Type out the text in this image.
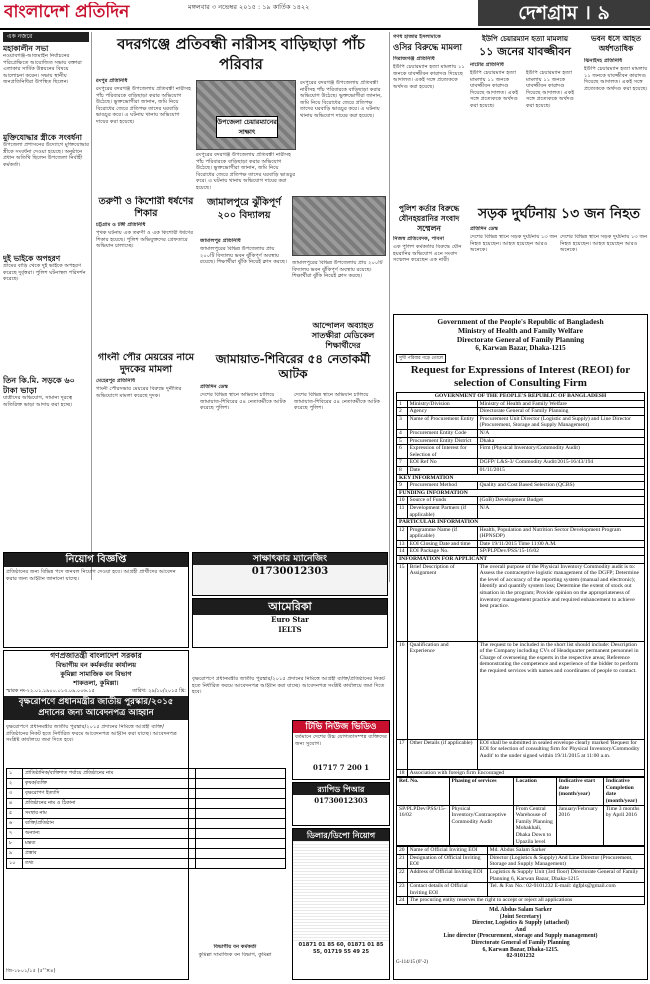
বাংলাদেশ প্রতিদিন	মঙ্গলবার ৩ নভেম্বর ২০১৫ : ১৯ কার্তিক ১৪২২	দেশগ্রাম । ৯
এক নজরে
মহাকালীন সভা
নওয়াবগঞ্জ-আজমাইন নির্বাচনের পরিপ্রেক্ষিতে আয়োজিত সভায় বক্তারা এলাকার সার্বিক উন্নয়নের বিষয়ে আলোচনা করেন। সভায় স্থানীয় জনপ্রতিনিধিরা উপস্থিত ছিলেন।
মুক্তিযোদ্ধার স্ত্রীকে সংবর্ধনা
উপজেলা প্রশাসনের উদ্যোগে মুক্তিযোদ্ধার স্ত্রীকে সংবর্ধনা দেওয়া হয়েছে। অনুষ্ঠানে প্রধান অতিথি ছিলেন উপজেলা নির্বাহী কর্মকর্তা।
দুই ভাইকে অপহরণ
গ্রামের বাড়ি থেকে দুই ভাইকে অপহরণ করেছে দুর্বৃত্তরা। পুলিশ ঘটনাস্থল পরিদর্শন করেছে।
তিন কি.মি. সড়কে ৬০ টাকা ভাড়া
যাত্রীদের অভিযোগ, সামান্য দূরত্বে অতিরিক্ত ভাড়া আদায় করা হচ্ছে।
বদরগঞ্জে প্রতিবন্ধী নারীসহ বাড়িছাড়া পাঁচ পরিবার
রংপুর প্রতিনিধি
রংপুরের বদরগঞ্জ উপজেলায় প্রতিবন্ধী নারীসহ পাঁচ পরিবারকে বাড়িছাড়া করার অভিযোগ উঠেছে। ভুক্তভোগীরা জানান, জমি নিয়ে বিরোধের জেরে প্রতিপক্ষ তাদের ঘরবাড়ি ভাঙচুর করে। এ ঘটনায় থানায় অভিযোগ দায়ের করা হয়েছে।
রংপুরের বদরগঞ্জ উপজেলায় প্রতিবন্ধী নারীসহ পাঁচ পরিবারকে বাড়িছাড়া করার অভিযোগ উঠেছে। ভুক্তভোগীরা জানান, জমি নিয়ে বিরোধের জেরে প্রতিপক্ষ তাদের ঘরবাড়ি ভাঙচুর করে। এ ঘটনায় থানায় অভিযোগ দায়ের করা হয়েছে।
উপজেলা চেয়ারম্যানের সাক্ষাৎ
রংপুরের বদরগঞ্জ উপজেলায় প্রতিবন্ধী নারীসহ পাঁচ পরিবারকে বাড়িছাড়া করার অভিযোগ উঠেছে। ভুক্তভোগীরা জানান, জমি নিয়ে বিরোধের জেরে প্রতিপক্ষ তাদের ঘরবাড়ি ভাঙচুর করে। এ ঘটনায় থানায় অভিযোগ দায়ের করা হয়েছে।
তরুণী ও কিশোরী ধর্ষণের শিকার
চট্টগ্রাম ও টঙ্গী প্রতিনিধি
পৃথক ঘটনায় এক তরুণী ও এক কিশোরী ধর্ষণের শিকার হয়েছে। পুলিশ অভিযুক্তদের গ্রেফতারে অভিযান চালাচ্ছে।
জামালপুরে ঝুঁকিপূর্ণ ২০০ বিদ্যালয়
জামালপুর প্রতিনিধি
জামালপুরের বিভিন্ন উপজেলায় প্রায় ২০০টি বিদ্যালয় ভবন ঝুঁকিপূর্ণ অবস্থায় রয়েছে। শিক্ষার্থীরা ঝুঁকি নিয়েই ক্লাস করছে। জামালপুরের বিভিন্ন উপজেলায় প্রায় ২০০টি বিদ্যালয় ভবন ঝুঁকিপূর্ণ অবস্থায় রয়েছে। শিক্ষার্থীরা ঝুঁকি নিয়েই ক্লাস করছে।
গাংনী পৌর মেয়রের নামে দুদকের মামলা
মেহেরপুর প্রতিনিধি
গাংনী পৌরসভার মেয়রের বিরুদ্ধে দুর্নীতির অভিযোগে মামলা করেছে দুদক।
জামায়াত-শিবিরের ৫৪ নেতাকর্মী আটক
প্রতিদিন ডেস্ক
দেশের বিভিন্ন স্থানে অভিযান চালিয়ে জামায়াত-শিবিরের ৫৪ নেতাকর্মীকে আটক করেছে পুলিশ।
দেশের বিভিন্ন স্থানে অভিযান চালিয়ে জামায়াত-শিবিরের ৫৪ নেতাকর্মীকে আটক করেছে পুলিশ।
গণধ হাজার ইসলামাকে
ওসির বিরুদ্ধে মামলা
সিরাজগঞ্জ প্রতিনিধি
ইউপি চেয়ারম্যান হত্যা মামলায় ১১ জনকে যাবজ্জীবন কারাদণ্ড দিয়েছে আদালত। একই সঙ্গে প্রত্যেককে অর্থদণ্ড করা হয়েছে।
ইউপি চেয়ারম্যান হত্যা মামলায়
১১ জনের যাবজ্জীবন
নাটোর প্রতিনিধি
ইউপি চেয়ারম্যান হত্যা মামলায় ১১ জনকে যাবজ্জীবন কারাদণ্ড দিয়েছে আদালত। একই সঙ্গে প্রত্যেককে অর্থদণ্ড করা হয়েছে।
ইউপি চেয়ারম্যান হত্যা মামলায় ১১ জনকে যাবজ্জীবন কারাদণ্ড দিয়েছে আদালত। একই সঙ্গে প্রত্যেককে অর্থদণ্ড করা হয়েছে।
ভবন ধসে আহত অর্ধশতাধিক
ঝিনাইদহ প্রতিনিধি
ইউপি চেয়ারম্যান হত্যা মামলায় ১১ জনকে যাবজ্জীবন কারাদণ্ড দিয়েছে আদালত। একই সঙ্গে প্রত্যেককে অর্থদণ্ড করা হয়েছে।
পুলিশ কর্তার বিরুদ্ধে যৌনহয়রানির সংবাদ সম্মেলন
সড়ক দুর্ঘটনায় ১৩ জন নিহত
প্রতিদিন ডেস্ক
দেশের বিভিন্ন স্থানে সড়ক দুর্ঘটনায় ১৩ জন নিহত হয়েছেন। আহত হয়েছেন আরও অনেকে।
দেশের বিভিন্ন স্থানে সড়ক দুর্ঘটনায় ১৩ জন নিহত হয়েছেন। আহত হয়েছেন আরও অনেকে।
নিজস্ব প্রতিবেদক, পাবনা
এক পুলিশ কর্মকর্তার বিরুদ্ধে যৌন হয়রানির অভিযোগ এনে সংবাদ সম্মেলন করেছেন এক নারী।
আন্দোলন অব্যাহত সাতক্ষীরা মেডিকেল শিক্ষার্থীদের
Government of the People's Republic of Bangladesh
Ministry of Health and Family Welfare
Directorate General of Family Planning
6, Karwan Bazar, Dhaka-1215
সুখী পরিবার গড়ে তোলে
Request for Expressions of Interest (REOI) for selection of Consulting Firm
GOVERNMENT OF THE PEOPLE'S REPUBLIC OF BANGLADESH		
1	Ministry/Division	Ministry of Health and Family Welfare
2	Agency	Directorate General of Family Planning
3	Name of Procurement Entity	Procurement Unit Director (Logistic and Supply) and Line Director (Procurement, Storage and Supply Management)
4	Procurement Entity Code	N/A
5	Procurement Entity District	Dhaka
6	Expression of Interest for Selection of	Firm (Physical Inventory/Commodity Audit)
7	EOI Ref No	DGFP/ L&S-3/ Commodity Audit/2015-16/43/194
8	Date	01/11/2015
KEY INFORMATION		
9	Procurement Method	Quality and Cost Based Selection (QCBS)
FUNDING INFORMATION		
10	Source of Funds	(GoB) Development Budget
11	Development Partners (if applicable)	N/A
PARTICULAR INFORMATION		
12	Programme Name (if applicable)	Health, Population and Nutrition Sector Development Program (HPNSDP)
13	EOI Closing Date and time	Date 19/11/2015 Time 11:00 A.M.
14	EOI Package No.	SP/PLPDev/PSS/15-16/02
INFORMATION FOR APPLICANT		
15	Brief Description of Assignment	The overall purpose of the Physical Inventory Commodity audit is to: Assess the contraceptive logistic management of the DGFP; Determine the level of accuracy of the reporting system (manual and electronic); Identify and quantify system loss; Determine the extent of stock out situation in the program; Provide opinion on the appropriateness of inventory management practice and required enhancement to achieve best practice.
16	Qualification and Experience	The request to be included in the short list should include: Description of the Company including CVs of Headquarter permanent personnel in Charge of overseeing the experts in the respective areas; Reference demonstrating the competence and experience of the bidder to perform the required services with names and coordinates of people to contact.
17	Other Details (if applicable)	EOI shall be submitted in sealed envelope clearly marked 'Request for EOI for selection of consulting firm for Physical Inventory/Commodity Audit' to the under signed within 19/11/2015 at 11:00 a.m.
18	Association with foreign firm Encouraged	
Ref. No.	Phasing of services	Location	Indicative start date (month/year)	Indicative Completion date (month/year)
SP/PLPDev/PSS/15-16/02	Physical Inventory/Contraceptive Commodity Audit	From Central Warehouse of Family Planning Mohakhali, Dhaka Down to Upazila level	January/February 2016	Time 3 months by April 2016
20	Name of Official Inviting EOI	Md. Abdus Salam Sarker
21	Designation of Official Inviting EOI	Director (Logistics & Supply) And Line Director (Procurement, Storage and Supply Management)
22	Address of Official Inviting EOI	Logistics & Supply Unit (3rd floor) Directorate General of Family Planning 6, Karwan Bazar, Dhaka-1215
23	Contact details of Official Inviting EOI	Tel. & Fax No.: 02-9101232 E-mail: dgfpls@gmail.com
24	The procuring entity reserves the right to accept or reject all applications	
Md. Abdus Salam Sarker
(Joint Secretary)
Director, Logistics & Supply (attached)
And
Line director (Procurement, storage and Supply management)
Directorate General of Family Planning
6, Karwan Bazar, Dhaka-1215.
02-9101232
G-114/15 (6''-2)
নিয়োগ বিজ্ঞপ্তি
প্রতিষ্ঠানের জন্য বিভিন্ন পদে জনবল নিয়োগ দেওয়া হবে। আগ্রহী প্রার্থীদের আবেদন করার জন্য আহ্বান জানানো যাচ্ছে।
সাক্ষাৎকার ম্যানেজিং
01730012303
আমেরিকা
Euro Star
IELTS
গণপ্রজাতন্ত্রী বাংলাদেশ সরকার
বিভাগীয় বন কর্মকর্তার কার্যালয়
কুমিল্লা সামাজিক বন বিভাগ
শাকতলা, কুমিল্লা।
স্মারক নং-২২.০১.১৯০০.০১৩.০৯.০০৬.১৫	তারিখ: ২৯/১০/২০১৫ খ্রি:
বৃক্ষরোপণে প্রধানমন্ত্রীর জাতীয় পুরস্কার/২০১৫ প্রদানের জন্য আবেদনপত্র আহ্বান
বৃক্ষরোপণে প্রধানমন্ত্রীর জাতীয় পুরস্কার/২০১৫ প্রদানের নিমিত্তে আগ্রহী ব্যক্তি/প্রতিষ্ঠানের নিকট হতে নির্ধারিত ফরমে আবেদনপত্র আহ্বান করা যাচ্ছে। আবেদনপত্র সংশ্লিষ্ট কার্যালয়ে জমা দিতে হবে।
বৃক্ষরোপণে প্রধানমন্ত্রীর জাতীয় পুরস্কার/২০১৫ প্রদানের নিমিত্তে আগ্রহী ব্যক্তি/প্রতিষ্ঠানের নিকট হতে নির্ধারিত ফরমে আবেদনপত্র আহ্বান করা যাচ্ছে। আবেদনপত্র সংশ্লিষ্ট কার্যালয়ে জমা দিতে হবে।
১	প্রাতিষ্ঠানিক/ব্যক্তিগত পর্যায়ে প্রতিষ্ঠানের নাম	
২	কৃষক/ব্যক্তি	
৩	বৃক্ষরোপণ ইত্যাদি	
৪	প্রতিষ্ঠানের নাম ও ঠিকানা	
৫	সংস্থার নাম	
৬	ব্যক্তি/প্রতিষ্ঠান	
৭	অন্যান্য	
৮	মন্তব্য	
৯	প্রস্তাব	
১০	তথ্য	
বিভাগীয় বন কর্মকর্তা
কুমিল্লা সামাজিক বন বিভাগ, কুমিল্লা
জি-১৮০১/১৫ (৫''×৪)
টিভি নিউজ ভিডিও
বর্তমানে দেশের উচ্চ যোগ্যতাসম্পন্ন ব্যক্তিদের জন্য সুযোগ।
01717 7 200 1
র‍্যাপিড পিআর
01730012303
ডিলার/ডিপো নিয়োগ
01871 01 85 60, 01871 01 85 55, 01719 55 49 25
